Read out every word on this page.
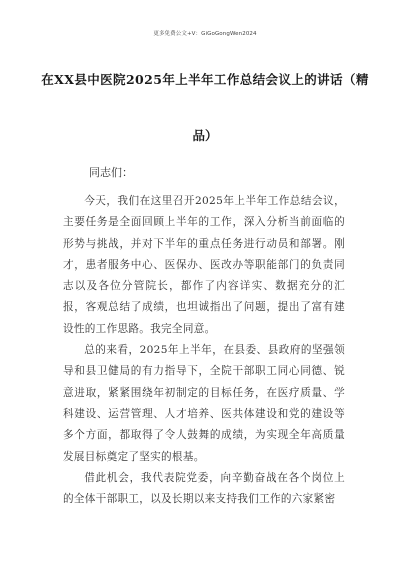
更多免费公文+V：GiGoGongWen2024
在XX县中医院2025年上半年工作总结会议上的讲话（精
品）
同志们：

今天，我们在这里召开2025年上半年工作总结会议，主要任务是全面回顾上半年的工作，深入分析当前面临的形势与挑战，并对下半年的重点任务进行动员和部署。刚才，患者服务中心、医保办、医改办等职能部门的负责同志以及各位分管院长，都作了内容详实、数据充分的汇报，客观总结了成绩，也坦诚指出了问题，提出了富有建设性的工作思路。我完全同意。

总的来看，2025年上半年，在县委、县政府的坚强领导和县卫健局的有力指导下，全院干部职工同心同德、锐意进取，紧紧围绕年初制定的目标任务，在医疗质量、学科建设、运营管理、人才培养、医共体建设和党的建设等多个方面，都取得了令人鼓舞的成绩，为实现全年高质量发展目标奠定了坚实的根基。

借此机会，我代表院党委，向辛勤奋战在各个岗位上的全体干部职工，以及长期以来支持我们工作的六家紧密
